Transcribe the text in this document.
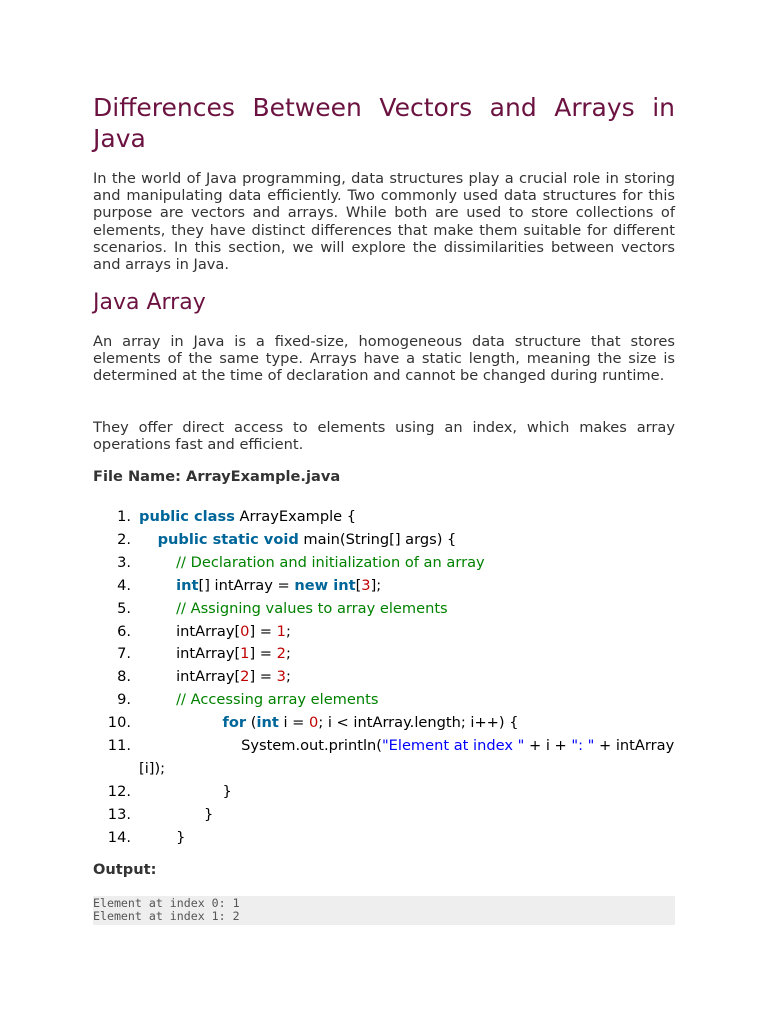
Differences Between Vectors and Arrays in Java

In the world of Java programming, data structures play a crucial role in storing and manipulating data efficiently. Two commonly used data structures for this purpose are vectors and arrays. While both are used to store collections of elements, they have distinct differences that make them suitable for different scenarios. In this section, we will explore the dissimilarities between vectors and arrays in Java.

Java Array

An array in Java is a fixed-size, homogeneous data structure that stores elements of the same type. Arrays have a static length, meaning the size is determined at the time of declaration and cannot be changed during runtime.

They offer direct access to elements using an index, which makes array operations fast and efficient.

File Name: ArrayExample.java

1. public class ArrayExample {
2. public static void main(String[] args) {
3.	// Declaration and initialization of an array
4.	int[] intArray = new int[3];
5.	// Assigning values to array elements
6.	intArray[0] = 1;
7.	intArray[1] = 2;
8.	intArray[2] = 3;
9.	// Accessing array elements
10.	for (int i = 0; i < intArray.length; i++) {
11.	System.out.println("Element at index " + i + ": " + intArray[i]);
12.	}
13.	}
14.	}

Output:

Element at index 0: 1
Element at index 1: 2
